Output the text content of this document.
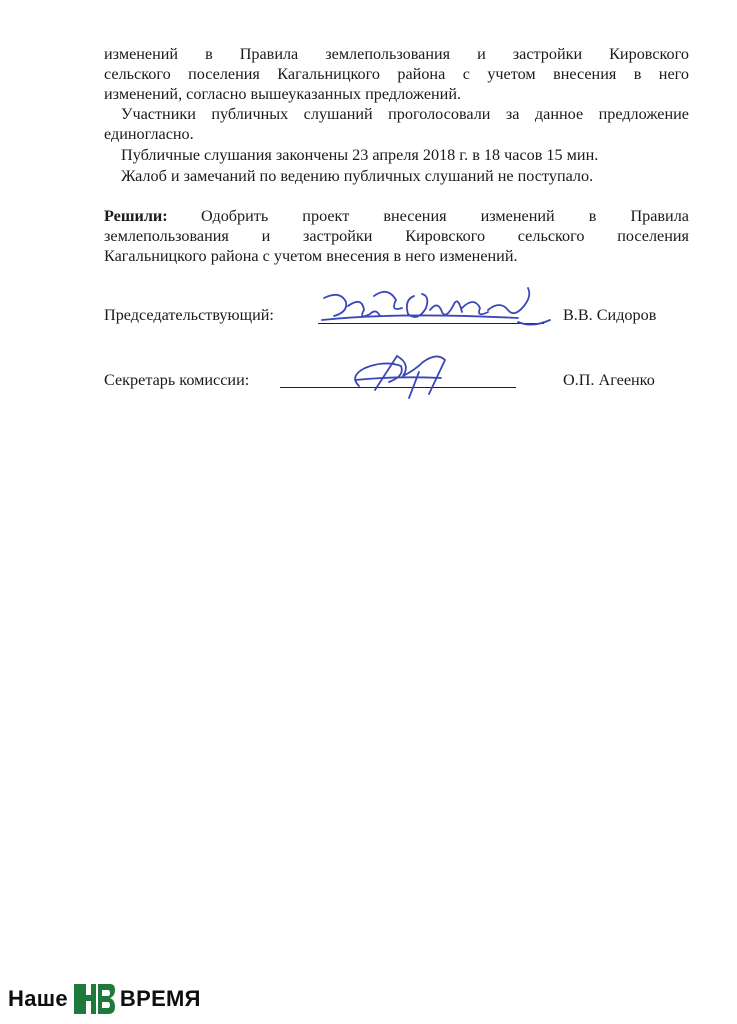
изменений в Правила землепользования и застройки Кировского
сельского поселения Кагальницкого района с учетом внесения в него
изменений, согласно вышеуказанных предложений.
Участники публичных слушаний проголосовали за данное предложение
единогласно.
Публичные слушания закончены 23 апреля 2018 г. в 18 часов 15 мин.
Жалоб и замечаний по ведению публичных слушаний не поступало.
Решили: Одобрить проект внесения изменений в Правила
землепользования и застройки Кировского сельского поселения
Кагальницкого района с учетом внесения в него изменений.
Председательствующий:	В.В. Сидоров
Секретарь комиссии:	О.П. Агеенко
Наше ВРЕМЯ
